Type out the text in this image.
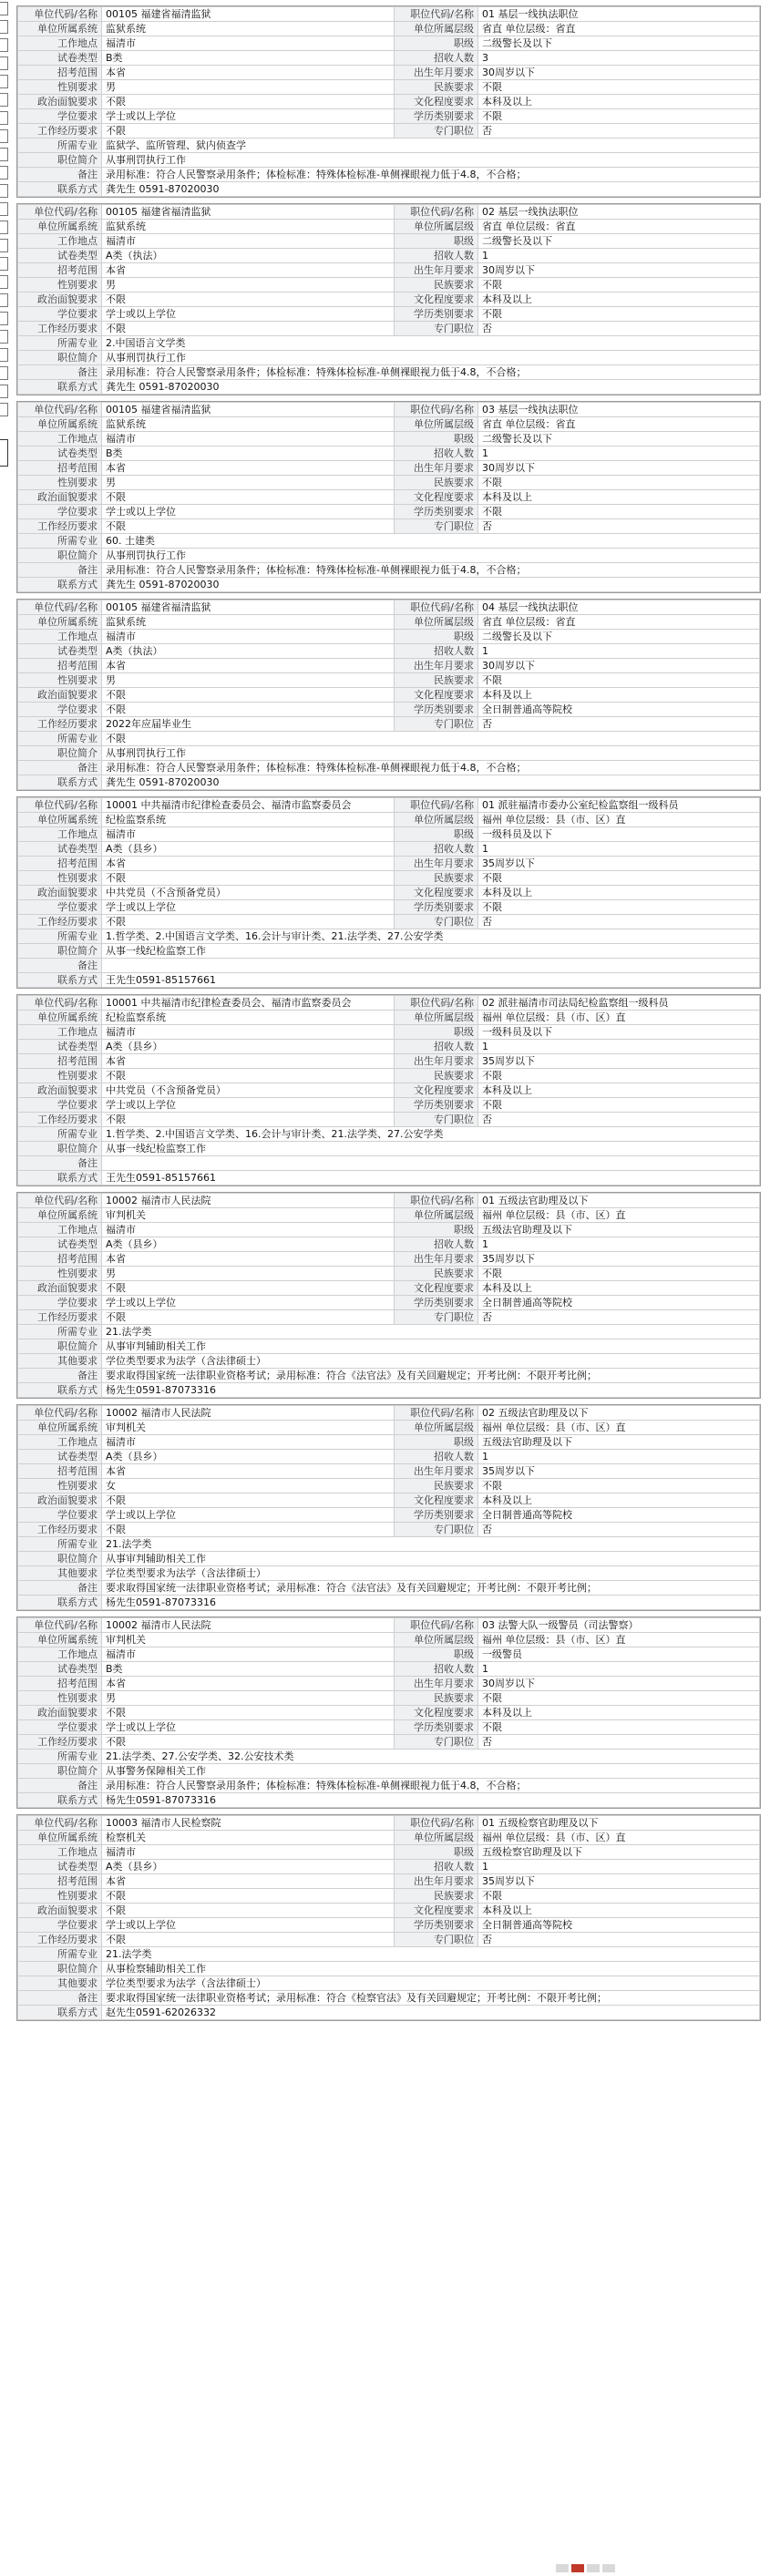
单位代码/名称	00105 福建省福清监狱	职位代码/名称	01 基层一线执法职位
单位所属系统	监狱系统	单位所属层级	省直 单位层级：省直
工作地点	福清市	职级	二级警长及以下
试卷类型	B类	招收人数	3
招考范围	本省	出生年月要求	30周岁以下
性别要求	男	民族要求	不限
政治面貌要求	不限	文化程度要求	本科及以上
学位要求	学士或以上学位	学历类别要求	不限
工作经历要求	不限	专门职位	否
所需专业	监狱学、监所管理、狱内侦查学		
职位简介	从事刑罚执行工作		
备注	录用标准：符合人民警察录用条件；体检标准：特殊体检标准-单侧裸眼视力低于4.8，不合格；		
联系方式	龚先生 0591-87020030		
单位代码/名称	00105 福建省福清监狱	职位代码/名称	02 基层一线执法职位
单位所属系统	监狱系统	单位所属层级	省直 单位层级：省直
工作地点	福清市	职级	二级警长及以下
试卷类型	A类（执法）	招收人数	1
招考范围	本省	出生年月要求	30周岁以下
性别要求	男	民族要求	不限
政治面貌要求	不限	文化程度要求	本科及以上
学位要求	学士或以上学位	学历类别要求	不限
工作经历要求	不限	专门职位	否
所需专业	2.中国语言文学类		
职位简介	从事刑罚执行工作		
备注	录用标准：符合人民警察录用条件；体检标准：特殊体检标准-单侧裸眼视力低于4.8，不合格；		
联系方式	龚先生 0591-87020030		
单位代码/名称	00105 福建省福清监狱	职位代码/名称	03 基层一线执法职位
单位所属系统	监狱系统	单位所属层级	省直 单位层级：省直
工作地点	福清市	职级	二级警长及以下
试卷类型	B类	招收人数	1
招考范围	本省	出生年月要求	30周岁以下
性别要求	男	民族要求	不限
政治面貌要求	不限	文化程度要求	本科及以上
学位要求	学士或以上学位	学历类别要求	不限
工作经历要求	不限	专门职位	否
所需专业	60. 土建类		
职位简介	从事刑罚执行工作		
备注	录用标准：符合人民警察录用条件；体检标准：特殊体检标准-单侧裸眼视力低于4.8，不合格；		
联系方式	龚先生 0591-87020030		
单位代码/名称	00105 福建省福清监狱	职位代码/名称	04 基层一线执法职位
单位所属系统	监狱系统	单位所属层级	省直 单位层级：省直
工作地点	福清市	职级	二级警长及以下
试卷类型	A类（执法）	招收人数	1
招考范围	本省	出生年月要求	30周岁以下
性别要求	男	民族要求	不限
政治面貌要求	不限	文化程度要求	本科及以上
学位要求	不限	学历类别要求	全日制普通高等院校
工作经历要求	2022年应届毕业生	专门职位	否
所需专业	不限		
职位简介	从事刑罚执行工作		
备注	录用标准：符合人民警察录用条件；体检标准：特殊体检标准-单侧裸眼视力低于4.8，不合格；		
联系方式	龚先生 0591-87020030		
单位代码/名称	10001 中共福清市纪律检查委员会、福清市监察委员会	职位代码/名称	01 派驻福清市委办公室纪检监察组一级科员
单位所属系统	纪检监察系统	单位所属层级	福州 单位层级：县（市、区）直
工作地点	福清市	职级	一级科员及以下
试卷类型	A类（县乡）	招收人数	1
招考范围	本省	出生年月要求	35周岁以下
性别要求	不限	民族要求	不限
政治面貌要求	中共党员（不含预备党员）	文化程度要求	本科及以上
学位要求	学士或以上学位	学历类别要求	不限
工作经历要求	不限	专门职位	否
所需专业	1.哲学类、2.中国语言文学类、16.会计与审计类、21.法学类、27.公安学类		
职位简介	从事一线纪检监察工作		
备注			
联系方式	王先生0591-85157661		
单位代码/名称	10001 中共福清市纪律检查委员会、福清市监察委员会	职位代码/名称	02 派驻福清市司法局纪检监察组一级科员
单位所属系统	纪检监察系统	单位所属层级	福州 单位层级：县（市、区）直
工作地点	福清市	职级	一级科员及以下
试卷类型	A类（县乡）	招收人数	1
招考范围	本省	出生年月要求	35周岁以下
性别要求	不限	民族要求	不限
政治面貌要求	中共党员（不含预备党员）	文化程度要求	本科及以上
学位要求	学士或以上学位	学历类别要求	不限
工作经历要求	不限	专门职位	否
所需专业	1.哲学类、2.中国语言文学类、16.会计与审计类、21.法学类、27.公安学类		
职位简介	从事一线纪检监察工作		
备注			
联系方式	王先生0591-85157661		
单位代码/名称	10002 福清市人民法院	职位代码/名称	01 五级法官助理及以下
单位所属系统	审判机关	单位所属层级	福州 单位层级：县（市、区）直
工作地点	福清市	职级	五级法官助理及以下
试卷类型	A类（县乡）	招收人数	1
招考范围	本省	出生年月要求	35周岁以下
性别要求	男	民族要求	不限
政治面貌要求	不限	文化程度要求	本科及以上
学位要求	学士或以上学位	学历类别要求	全日制普通高等院校
工作经历要求	不限	专门职位	否
所需专业	21.法学类		
职位简介	从事审判辅助相关工作		
其他要求	学位类型要求为法学（含法律硕士）		
备注	要求取得国家统一法律职业资格考试；录用标准：符合《法官法》及有关回避规定；开考比例：不限开考比例；		
联系方式	杨先生0591-87073316		
单位代码/名称	10002 福清市人民法院	职位代码/名称	02 五级法官助理及以下
单位所属系统	审判机关	单位所属层级	福州 单位层级：县（市、区）直
工作地点	福清市	职级	五级法官助理及以下
试卷类型	A类（县乡）	招收人数	1
招考范围	本省	出生年月要求	35周岁以下
性别要求	女	民族要求	不限
政治面貌要求	不限	文化程度要求	本科及以上
学位要求	学士或以上学位	学历类别要求	全日制普通高等院校
工作经历要求	不限	专门职位	否
所需专业	21.法学类		
职位简介	从事审判辅助相关工作		
其他要求	学位类型要求为法学（含法律硕士）		
备注	要求取得国家统一法律职业资格考试；录用标准：符合《法官法》及有关回避规定；开考比例：不限开考比例；		
联系方式	杨先生0591-87073316		
单位代码/名称	10002 福清市人民法院	职位代码/名称	03 法警大队一级警员（司法警察）
单位所属系统	审判机关	单位所属层级	福州 单位层级：县（市、区）直
工作地点	福清市	职级	一级警员
试卷类型	B类	招收人数	1
招考范围	本省	出生年月要求	30周岁以下
性别要求	男	民族要求	不限
政治面貌要求	不限	文化程度要求	本科及以上
学位要求	学士或以上学位	学历类别要求	不限
工作经历要求	不限	专门职位	否
所需专业	21.法学类、27.公安学类、32.公安技术类		
职位简介	从事警务保障相关工作		
备注	录用标准：符合人民警察录用条件；体检标准：特殊体检标准-单侧裸眼视力低于4.8，不合格；		
联系方式	杨先生0591-87073316		
单位代码/名称	10003 福清市人民检察院	职位代码/名称	01 五级检察官助理及以下
单位所属系统	检察机关	单位所属层级	福州 单位层级：县（市、区）直
工作地点	福清市	职级	五级检察官助理及以下
试卷类型	A类（县乡）	招收人数	1
招考范围	本省	出生年月要求	35周岁以下
性别要求	不限	民族要求	不限
政治面貌要求	不限	文化程度要求	本科及以上
学位要求	学士或以上学位	学历类别要求	全日制普通高等院校
工作经历要求	不限	专门职位	否
所需专业	21.法学类		
职位简介	从事检察辅助相关工作		
其他要求	学位类型要求为法学（含法律硕士）		
备注	要求取得国家统一法律职业资格考试；录用标准：符合《检察官法》及有关回避规定；开考比例：不限开考比例；		
联系方式	赵先生0591-62026332		
